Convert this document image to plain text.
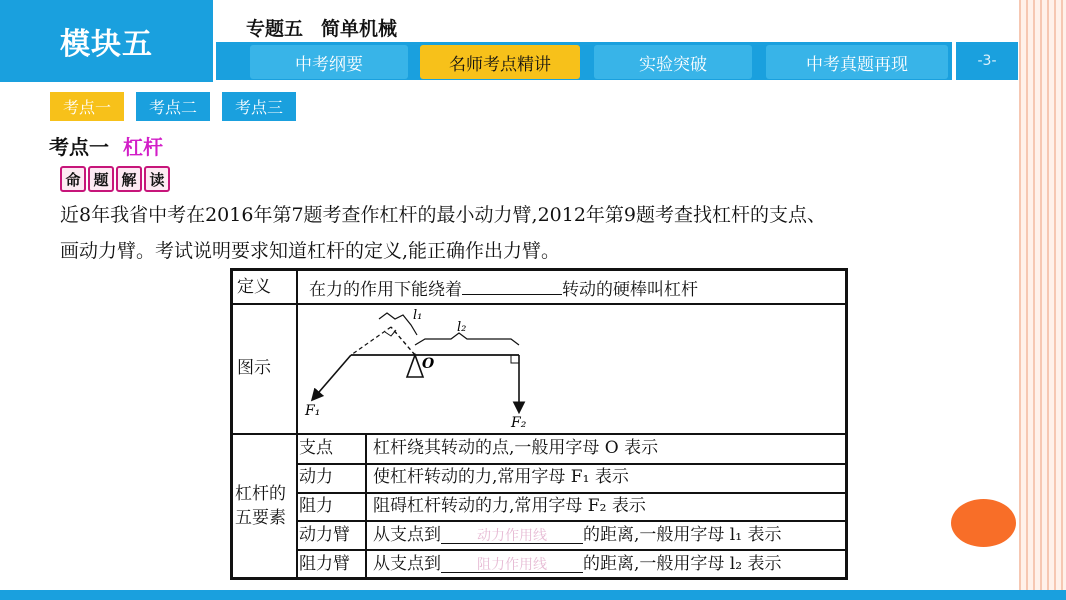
模块五	专题五 简单机械
中考纲要	名师考点精讲	实验突破	中考真题再现	-3-
考点一 考点二 考点三
考点一 杠杆
命 题 解 读
近8年我省中考在2016年第7题考查作杠杆的最小动力臂,2012年第9题考查找杠杆的支点、
画动力臂。考试说明要求知道杠杆的定义,能正确作出力臂。
定义 在力的作用下能绕着	转动的硬棒叫杠杆
图示
l₁
l₂
O
F₁
F₂
杠杆的
五要素
支点 杠杆绕其转动的点,一般用字母 O 表示
动力 使杠杆转动的力,常用字母 F₁ 表示
阻力 阻碍杠杆转动的力,常用字母 F₂ 表示
动力臂 从支点到	动力作用线 的距离,一般用字母 l₁ 表示
阻力臂 从支点到	阻力作用线 的距离,一般用字母 l₂ 表示
